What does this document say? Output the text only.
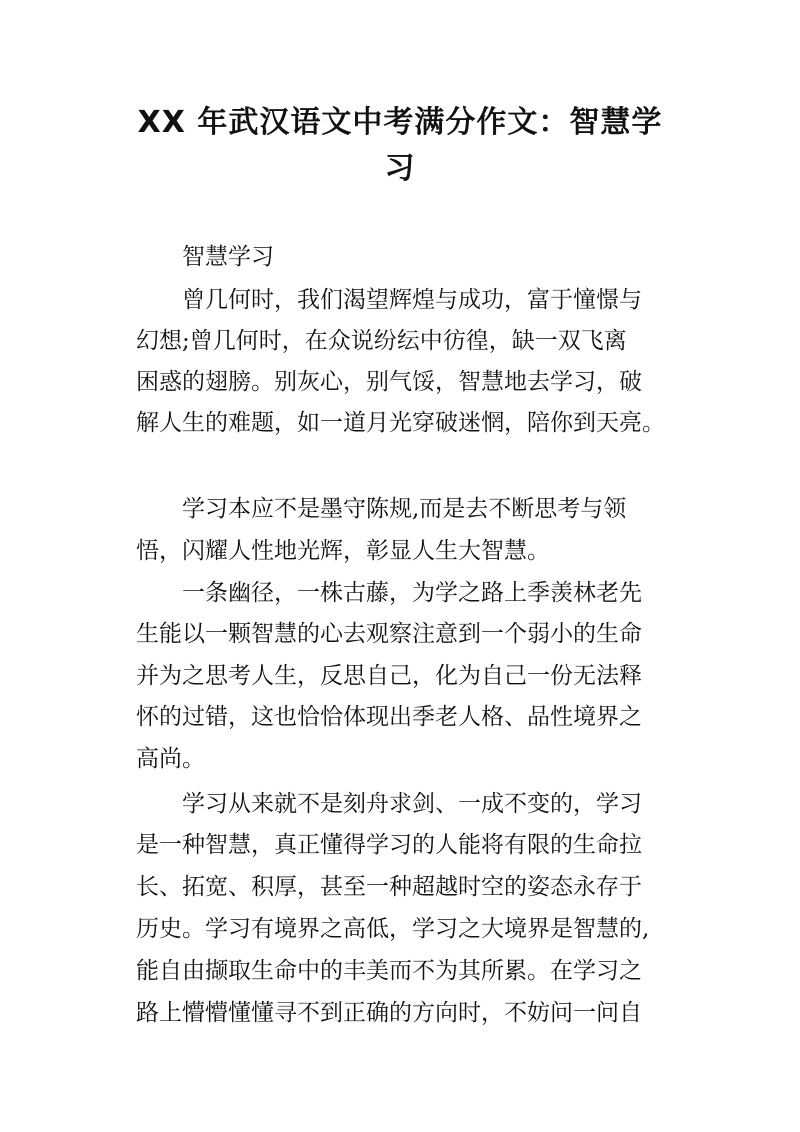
XX 年武汉语文中考满分作文：智慧学
习

智慧学习

曾几何时，我们渴望辉煌与成功，富于憧憬与

幻想;曾几何时，在众说纷纭中彷徨，缺一双飞离

困惑的翅膀。别灰心，别气馁，智慧地去学习，破

解人生的难题，如一道月光穿破迷惘，陪你到天亮。

学习本应不是墨守陈规,而是去不断思考与领

悟，闪耀人性地光辉，彰显人生大智慧。

一条幽径，一株古藤，为学之路上季羡林老先

生能以一颗智慧的心去观察注意到一个弱小的生命

并为之思考人生，反思自己，化为自己一份无法释

怀的过错，这也恰恰体现出季老人格、品性境界之

高尚。

学习从来就不是刻舟求剑、一成不变的，学习

是一种智慧，真正懂得学习的人能将有限的生命拉

长、拓宽、积厚，甚至一种超越时空的姿态永存于

历史。学习有境界之高低，学习之大境界是智慧的,

能自由撷取生命中的丰美而不为其所累。在学习之

路上懵懵懂懂寻不到正确的方向时，不妨问一问自
